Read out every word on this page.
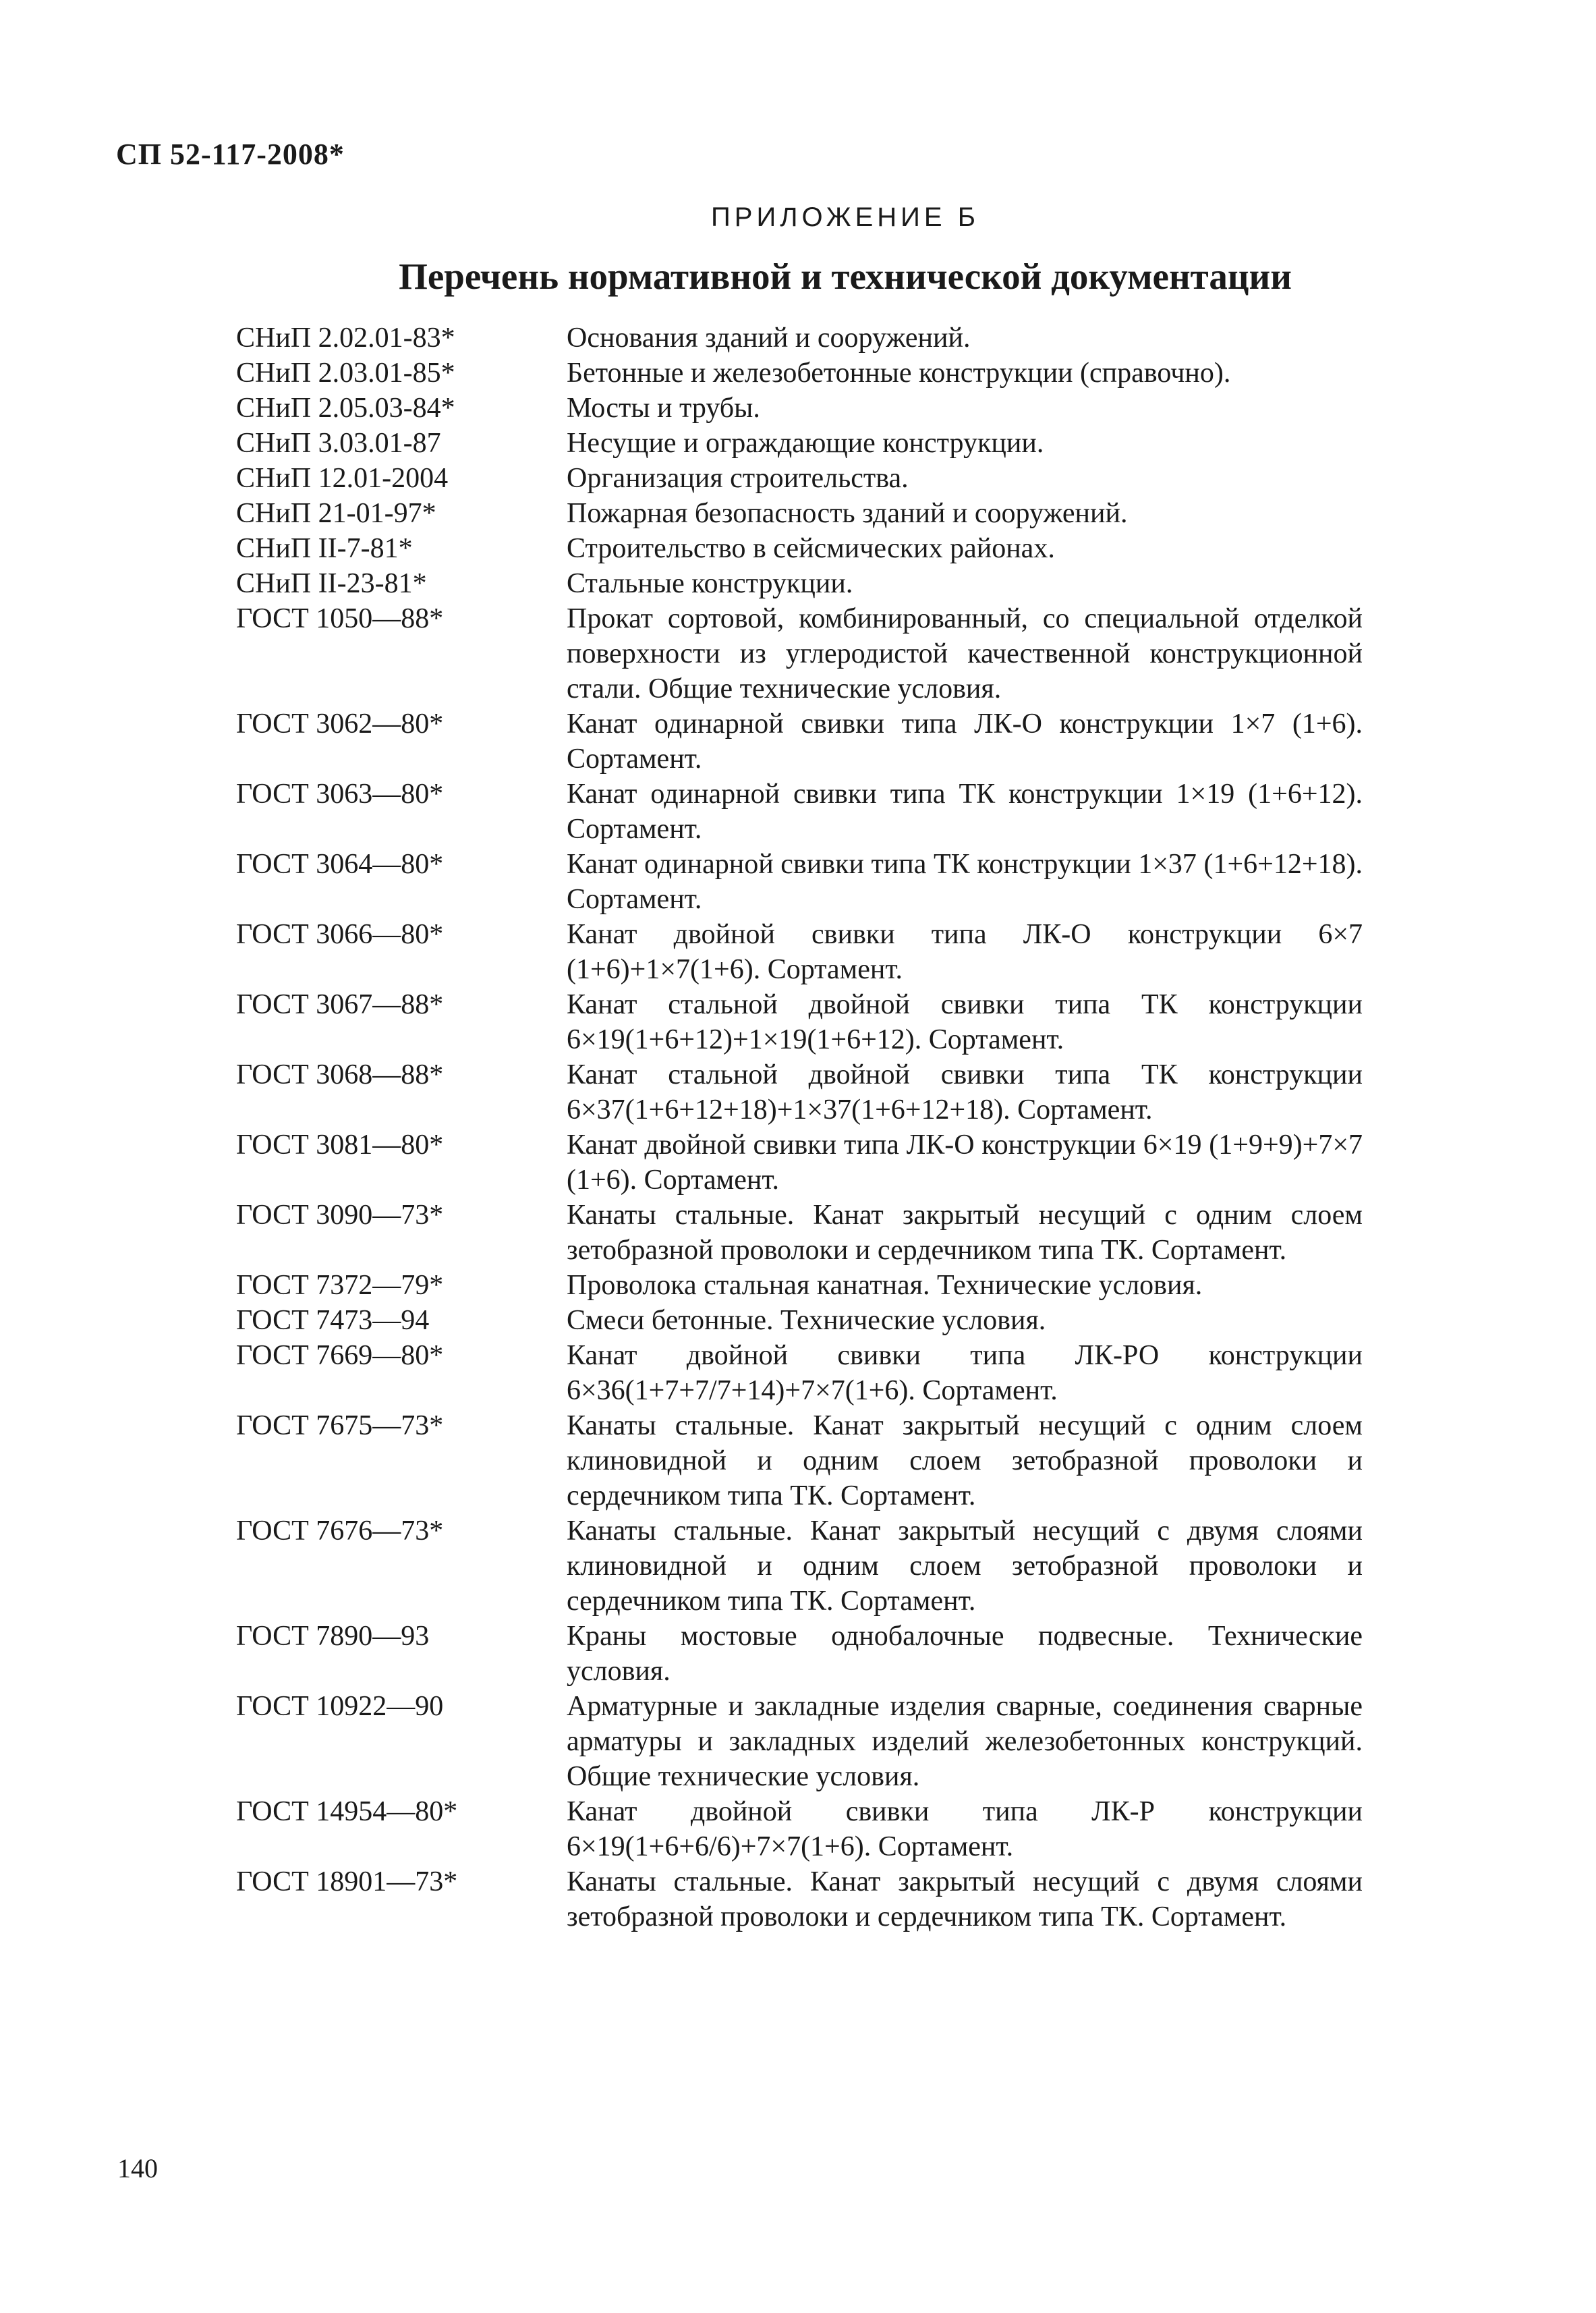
СП 52-117-2008*
ПРИЛОЖЕНИЕ Б
Перечень нормативной и технической документации
СНиП 2.02.01-83*	Основания зданий и сооружений.
СНиП 2.03.01-85*	Бетонные и железобетонные конструкции (справочно).
СНиП 2.05.03-84*	Мосты и трубы.
СНиП 3.03.01-87	Несущие и ограждающие конструкции.
СНиП 12.01-2004	Организация строительства.
СНиП 21-01-97*	Пожарная безопасность зданий и сооружений.
СНиП II-7-81*	Строительство в сейсмических районах.
СНиП II-23-81*	Стальные конструкции.
ГОСТ 1050—88*	Прокат сортовой, комбинированный, со специальной отделкой поверхности из углеродистой качественной конструкционной стали. Общие технические условия.
ГОСТ 3062—80*	Канат одинарной свивки типа ЛК-О конструкции 1×7 (1+6). Сортамент.
ГОСТ 3063—80*	Канат одинарной свивки типа ТК конструкции 1×19 (1+6+12). Сортамент.
ГОСТ 3064—80*	Канат одинарной свивки типа ТК конструкции 1×37 (1+6+12+18). Сортамент.
ГОСТ 3066—80*	Канат двойной свивки типа ЛК-О конструкции 6×7 (1+6)+1×7(1+6). Сортамент.
ГОСТ 3067—88*	Канат стальной двойной свивки типа ТК конструкции 6×19(1+6+12)+1×19(1+6+12). Сортамент.
ГОСТ 3068—88*	Канат стальной двойной свивки типа ТК конструкции 6×37(1+6+12+18)+1×37(1+6+12+18). Сортамент.
ГОСТ 3081—80*	Канат двойной свивки типа ЛК-О конструкции 6×19 (1+9+9)+7×7 (1+6). Сортамент.
ГОСТ 3090—73*	Канаты стальные. Канат закрытый несущий с одним слоем зетобразной проволоки и сердечником типа ТК. Сортамент.
ГОСТ 7372—79*	Проволока стальная канатная. Технические условия.
ГОСТ 7473—94	Смеси бетонные. Технические условия.
ГОСТ 7669—80*	Канат двойной свивки типа ЛК-РО конструкции 6×36(1+7+7/7+14)+7×7(1+6). Сортамент.
ГОСТ 7675—73*	Канаты стальные. Канат закрытый несущий с одним слоем клиновидной и одним слоем зетобразной проволоки и сердечником типа ТК. Сортамент.
ГОСТ 7676—73*	Канаты стальные. Канат закрытый несущий с двумя слоями клиновидной и одним слоем зетобразной проволоки и сердечником типа ТК. Сортамент.
ГОСТ 7890—93	Краны мостовые однобалочные подвесные. Технические условия.
ГОСТ 10922—90	Арматурные и закладные изделия сварные, соединения сварные арматуры и закладных изделий железобетонных конструкций. Общие технические условия.
ГОСТ 14954—80*	Канат двойной свивки типа ЛК-Р конструкции 6×19(1+6+6/6)+7×7(1+6). Сортамент.
ГОСТ 18901—73*	Канаты стальные. Канат закрытый несущий с двумя слоями зетобразной проволоки и сердечником типа ТК. Сортамент.
140
